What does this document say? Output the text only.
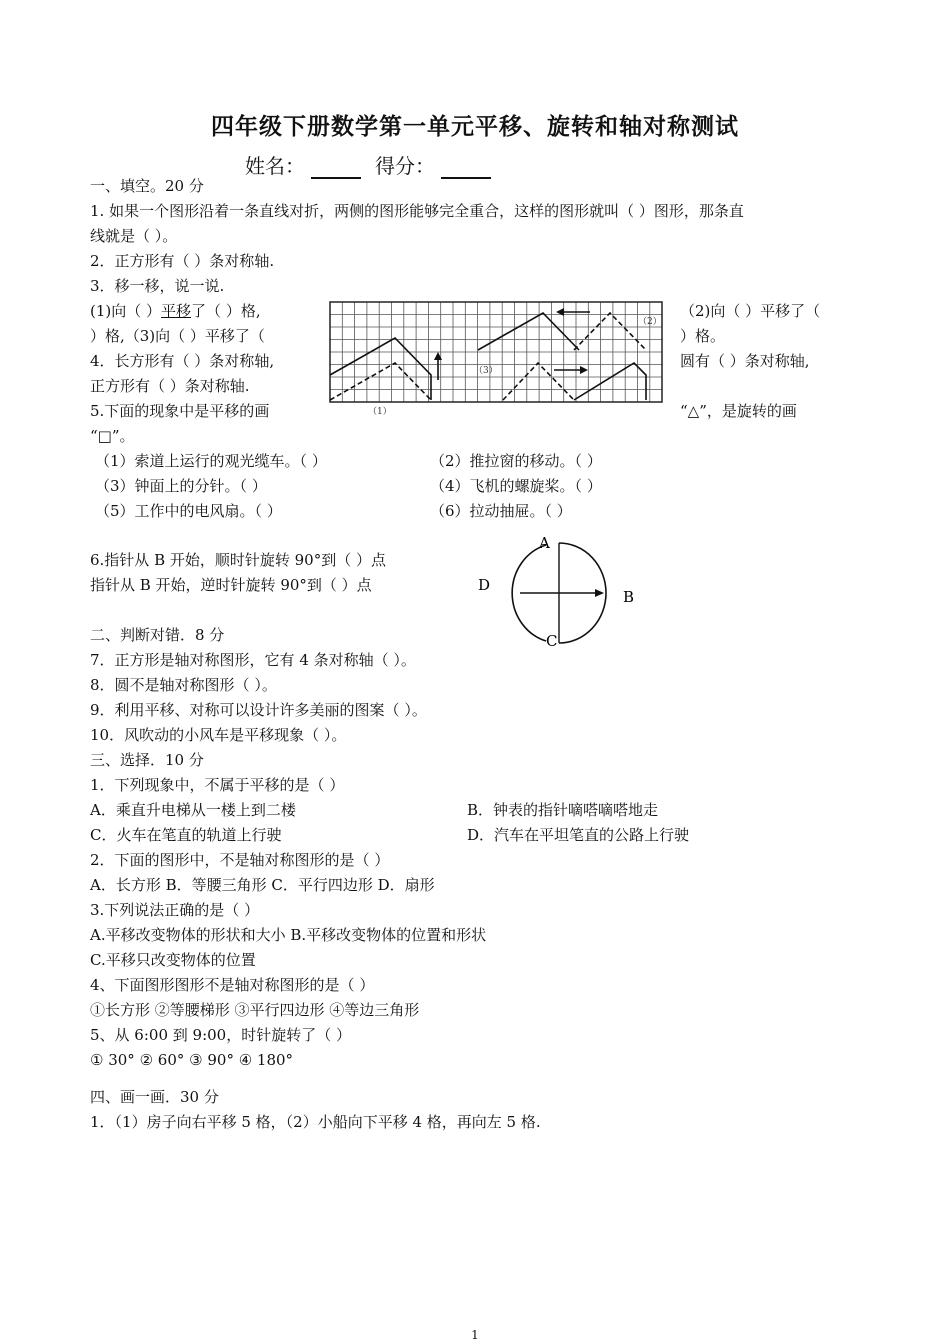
四年级下册数学第一单元平移、旋转和轴对称测试
姓名：	得分：
一、填空。20 分
1. 如果一个图形沿着一条直线对折，两侧的图形能够完全重合，这样的图形就叫（ ）图形，那条直
线就是（ ）。
2．正方形有（ ）条对称轴.
3．移一移，说一说.
(1)向（ ）平移了（ ）格,	（2)向（ ）平移了（
）格,（3)向（ ）平移了（	）格。
4．长方形有（ ）条对称轴,	圆有（ ）条对称轴,
正方形有（ ）条对称轴.
5.下面的现象中是平移的画	“△”，是旋转的画
“□”。
（1）
（2）
（3）
（1）索道上运行的观光缆车。（ ）	（2）推拉窗的移动。（ ）
（3）钟面上的分针。（ ）	（4）飞机的螺旋桨。（ ）
（5）工作中的电风扇。（ ）	（6）拉动抽屉。（ ）
6.指针从 B 开始，顺时针旋转 90°到（ ）点
指针从 B 开始，逆时针旋转 90°到（ ）点
A
B
C
D
二、判断对错．8 分
7．正方形是轴对称图形，它有 4 条对称轴（ ）。
8．圆不是轴对称图形（ ）。
9．利用平移、对称可以设计许多美丽的图案（ ）。
10．风吹动的小风车是平移现象（ ）。
三、选择．10 分
1．下列现象中，不属于平移的是（ ）
A．乘直升电梯从一楼上到二楼	B．钟表的指针嘀嗒嘀嗒地走
C．火车在笔直的轨道上行驶	D．汽车在平坦笔直的公路上行驶
2．下面的图形中，不是轴对称图形的是（ ）
A．长方形 B．等腰三角形 C．平行四边形 D．扇形
3.下列说法正确的是（ ）
A.平移改变物体的形状和大小 B.平移改变物体的位置和形状
C.平移只改变物体的位置
4、下面图形图形不是轴对称图形的是（ ）
①长方形 ②等腰梯形 ③平行四边形 ④等边三角形
5、从 6:00 到 9:00，时针旋转了（ ）
① 30° ② 60° ③ 90° ④ 180°
四、画一画．30 分
1．（1）房子向右平移 5 格，（2）小船向下平移 4 格，再向左 5 格.
1
